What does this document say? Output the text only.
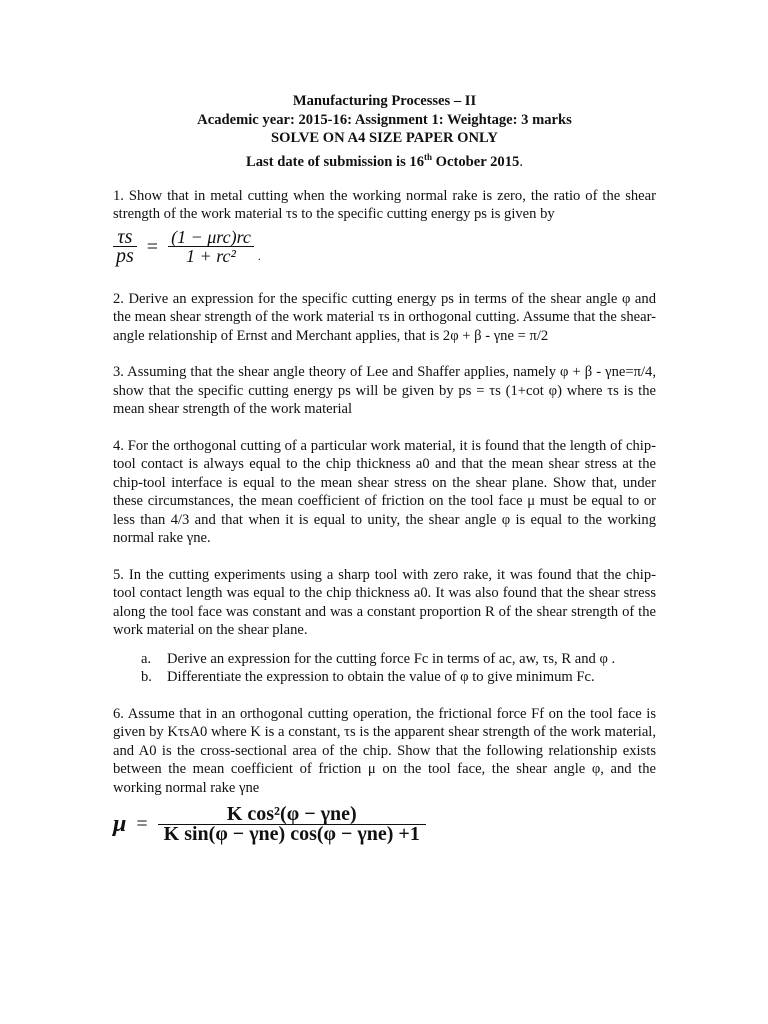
Manufacturing Processes – II
Academic year: 2015-16: Assignment 1: Weightage: 3 marks
SOLVE ON A4 SIZE PAPER ONLY
Last date of submission is 16th October 2015.

1. Show that in metal cutting when the working normal rake is zero, the ratio of the shear strength of the work material τs to the specific cutting energy ps is given by

$\frac{\tau s}{ps} = \frac{\text{(1 − μrc)rc}}{\text{1 + rc²}}$ .

2. Derive an expression for the specific cutting energy ps in terms of the shear angle φ and the mean shear strength of the work material τs in orthogonal cutting. Assume that the shear-angle relationship of Ernst and Merchant applies, that is 2φ + β - γne = π/2

3. Assuming that the shear angle theory of Lee and Shaffer applies, namely φ + β - γne=π/4, show that the specific cutting energy ps will be given by ps = τs (1+cot φ) where τs is the mean shear strength of the work material

4. For the orthogonal cutting of a particular work material, it is found that the length of chip-tool contact is always equal to the chip thickness a0 and that the mean shear stress at the chip-tool interface is equal to the mean shear stress on the shear plane. Show that, under these circumstances, the mean coefficient of friction on the tool face μ must be equal to or less than 4/3 and that when it is equal to unity, the shear angle φ is equal to the working normal rake γne.

5. In the cutting experiments using a sharp tool with zero rake, it was found that the chip-tool contact length was equal to the chip thickness a0. It was also found that the shear stress along the tool face was constant and was a constant proportion R of the shear strength of the work material on the shear plane.

a.	Derive an expression for the cutting force Fc in terms of ac, aw, τs, R and φ .
b.	Differentiate the expression to obtain the value of φ to give minimum Fc.

6. Assume that in an orthogonal cutting operation, the frictional force Ff on the tool face is given by KτsA0 where K is a constant, τs is the apparent shear strength of the work material, and A0 is the cross-sectional area of the chip. Show that the following relationship exists between the mean coefficient of friction μ on the tool face, the shear angle φ, and the working normal rake γne

$\mu = \frac{\text{K cos²(φ − γne)}}{\text{K sin(φ − γne) cos(φ − γne) +1}}$
